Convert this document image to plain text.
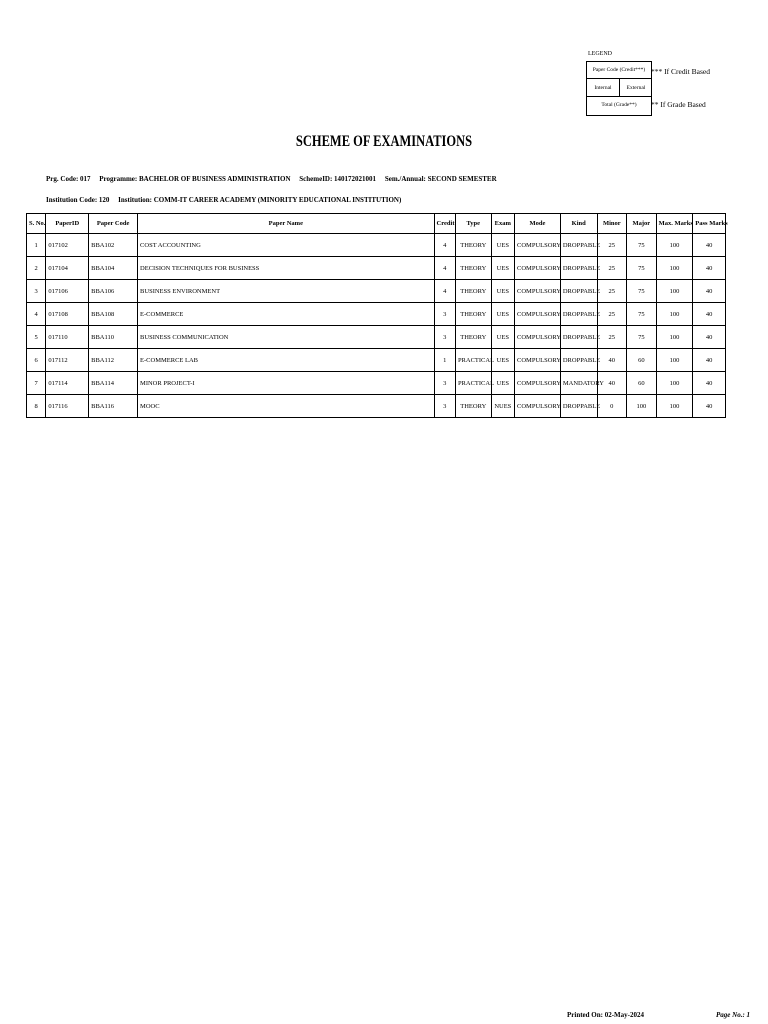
LEGEND
Paper Code (Credit***)
Internal	External
Total (Grade**)
*** If Credit Based
** If Grade Based
SCHEME OF EXAMINATIONS
Prg. Code: 017 Programme: BACHELOR OF BUSINESS ADMINISTRATION SchemeID: 140172021001 Sem./Annual: SECOND SEMESTER
Institution Code: 120 Institution: COMM-IT CAREER ACADEMY (MINORITY EDUCATIONAL INSTITUTION)
S. No.	PaperID	Paper Code	Paper Name	Credit	Type	Exam	Mode	Kind	Minor	Major	Max. Marks	Pass Marks
1	017102	BBA102	COST ACCOUNTING	4	THEORY	UES	COMPULSORY	DROPPABLE	25	75	100	40
2	017104	BBA104	DECISION TECHNIQUES FOR BUSINESS	4	THEORY	UES	COMPULSORY	DROPPABLE	25	75	100	40
3	017106	BBA106	BUSINESS ENVIRONMENT	4	THEORY	UES	COMPULSORY	DROPPABLE	25	75	100	40
4	017108	BBA108	E-COMMERCE	3	THEORY	UES	COMPULSORY	DROPPABLE	25	75	100	40
5	017110	BBA110	BUSINESS COMMUNICATION	3	THEORY	UES	COMPULSORY	DROPPABLE	25	75	100	40
6	017112	BBA112	E-COMMERCE LAB	1	PRACTICAL	UES	COMPULSORY	DROPPABLE	40	60	100	40
7	017114	BBA114	MINOR PROJECT-I	3	PRACTICAL	UES	COMPULSORY	MANDATORY	40	60	100	40
8	017116	BBA116	MOOC	3	THEORY	NUES	COMPULSORY	DROPPABLE	0	100	100	40
Printed On: 02-May-2024	Page No.: 1
